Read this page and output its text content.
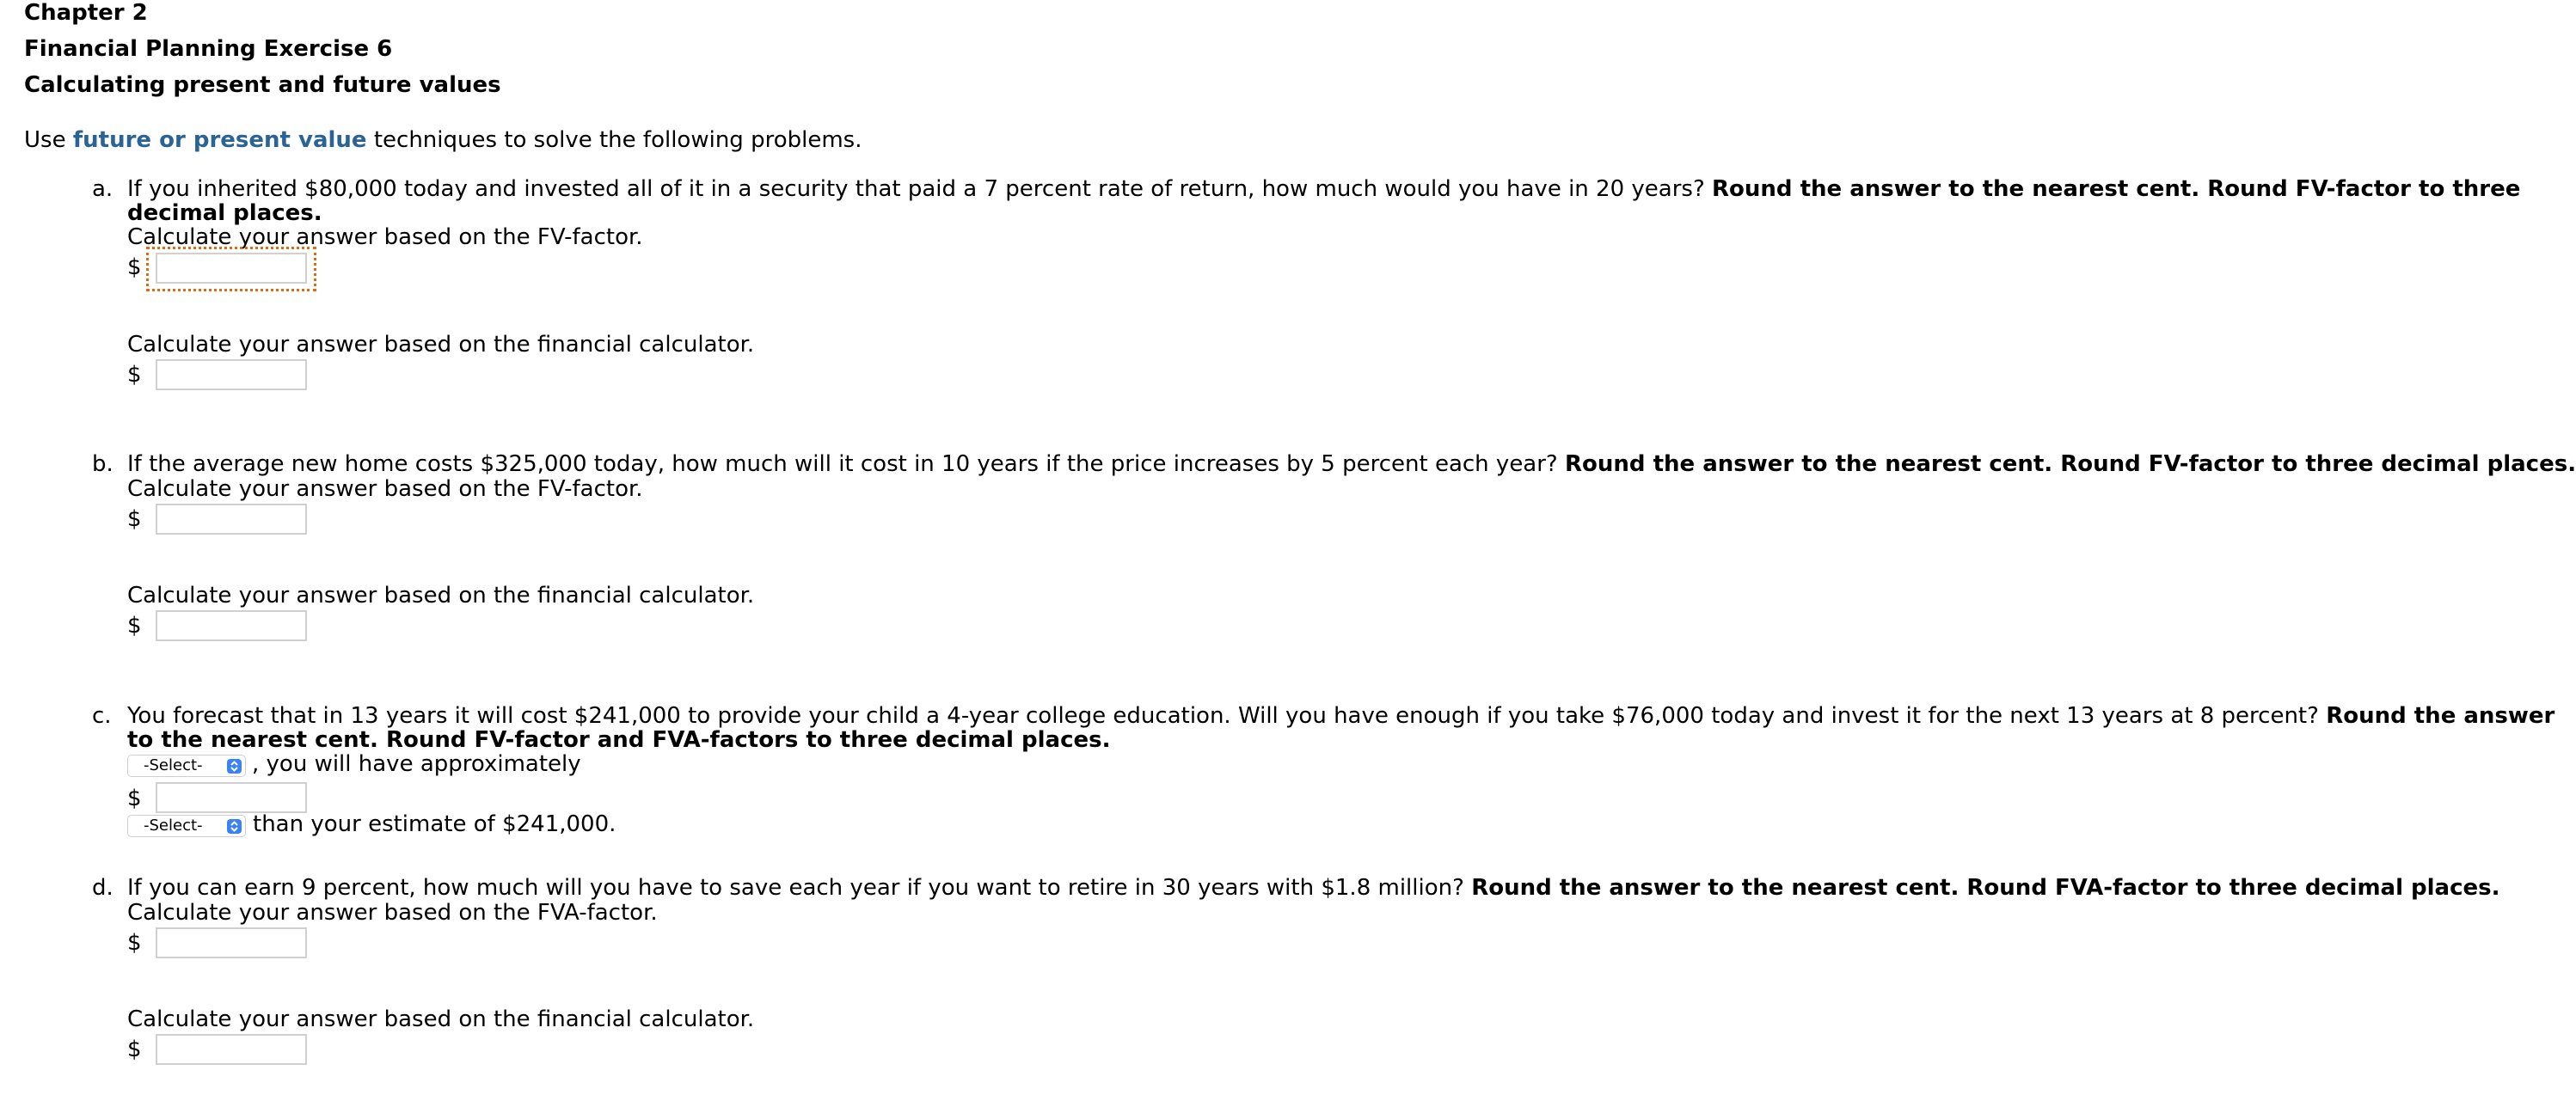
Chapter 2
Financial Planning Exercise 6
Calculating present and future values
Use future or present value techniques to solve the following problems.
a. If you inherited $80,000 today and invested all of it in a security that paid a 7 percent rate of return, how much would you have in 20 years? Round the answer to the nearest cent. Round FV-factor to three
decimal places.
Calculate your answer based on the FV-factor.
$
Calculate your answer based on the financial calculator.
$
b. If the average new home costs $325,000 today, how much will it cost in 10 years if the price increases by 5 percent each year? Round the answer to the nearest cent. Round FV-factor to three decimal places.
Calculate your answer based on the FV-factor.
$
Calculate your answer based on the financial calculator.
$
c. You forecast that in 13 years it will cost $241,000 to provide your child a 4-year college education. Will you have enough if you take $76,000 today and invest it for the next 13 years at 8 percent? Round the answer
to the nearest cent. Round FV-factor and FVA-factors to three decimal places.
-Select-	, you will have approximately
$
-Select-	than your estimate of $241,000.
d. If you can earn 9 percent, how much will you have to save each year if you want to retire in 30 years with $1.8 million? Round the answer to the nearest cent. Round FVA-factor to three decimal places.
Calculate your answer based on the FVA-factor.
$
Calculate your answer based on the financial calculator.
$
